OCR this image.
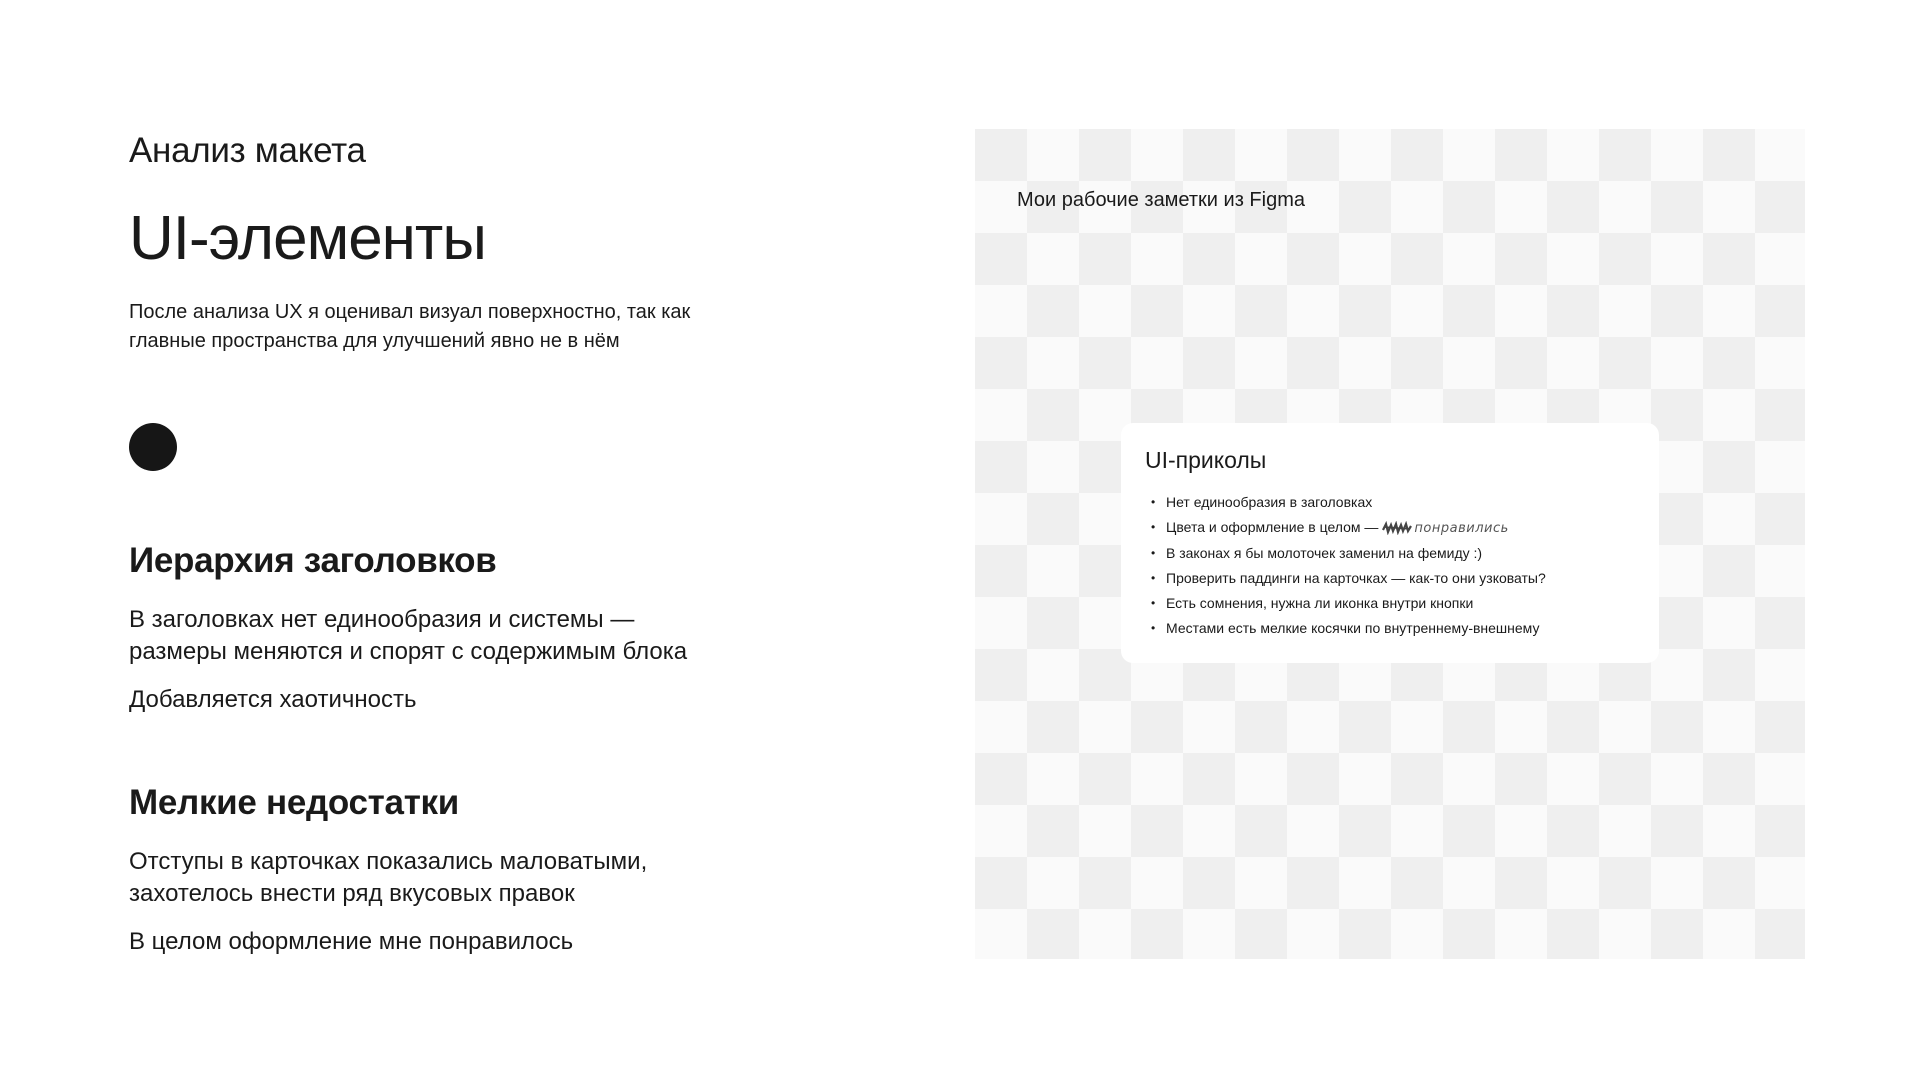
Анализ макета
UI-элементы
После анализа UX я оценивал визуал поверхностно, так как главные пространства для улучшений явно не в нём
Иерархия заголовков
В заголовках нет единообразия и системы — размеры меняются и спорят с содержимым блока
Добавляется хаотичность
Мелкие недостатки
Отступы в карточках показались маловатыми, захотелось внести ряд вкусовых правок
В целом оформление мне понравилось
Мои рабочие заметки из Figma
UI-приколы
• Нет единообразия в заголовках
• Цвета и оформление в целом —	понравились
• В законах я бы молоточек заменил на фемиду :)
• Проверить паддинги на карточках — как-то они узковаты?
• Есть сомнения, нужна ли иконка внутри кнопки
• Местами есть мелкие косячки по внутреннему-внешнему
